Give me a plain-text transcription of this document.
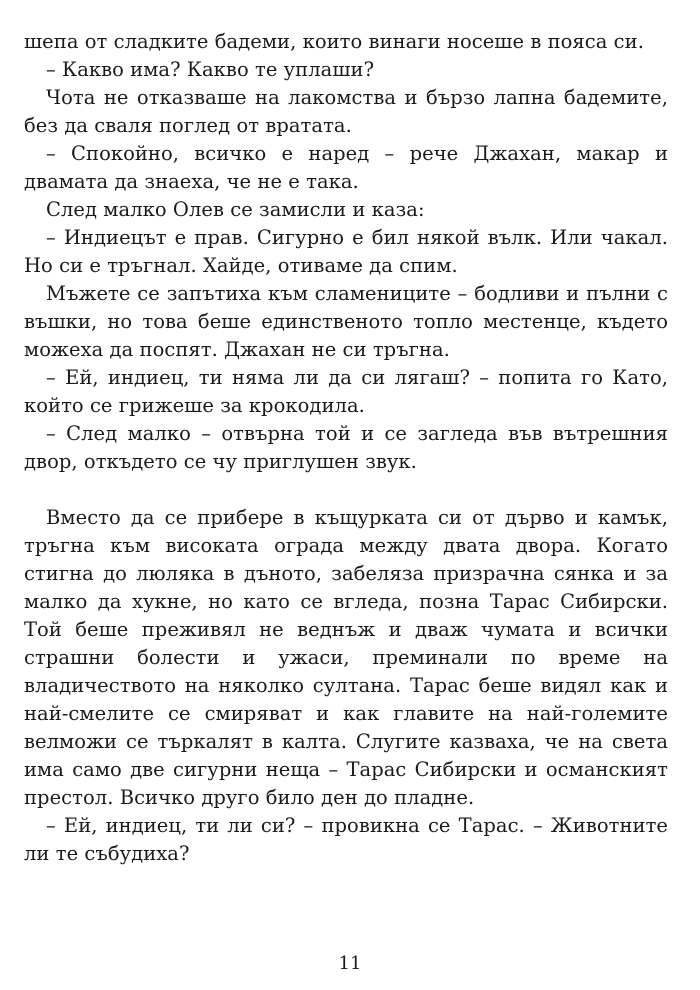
шепа от сладките бадеми, които винаги носеше в пояса си.

– Какво има? Какво те уплаши?

Чота не отказваше на лакомства и бързо лапна бадемите, без да сваля поглед от вратата.

– Спокойно, всичко е наред – рече Джахан, макар и двамата да знаеха, че не е така.

След малко Олев се замисли и каза:

– Индиецът е прав. Сигурно е бил някой вълк. Или чакал. Но си е тръгнал. Хайде, отиваме да спим.

Мъжете се запътиха към сламениците – бодливи и пълни с въшки, но това беше единственото топло местенце, където можеха да поспят. Джахан не си тръгна.

– Ей, индиец, ти няма ли да си лягаш? – попита го Като, който се грижеше за крокодила.

– След малко – отвърна той и се загледа във вътрешния двор, откъдето се чу приглушен звук.

Вместо да се прибере в къщурката си от дърво и камък, тръгна към високата ограда между двата двора. Когато стигна до люляка в дъното, забеляза призрачна сянка и за малко да хукне, но като се вгледа, позна Тарас Сибирски. Той беше преживял не веднъж и дваж чумата и всички страшни болести и ужаси, преминали по време на владичеството на няколко султана. Тарас беше видял как и най-смелите се смиряват и как главите на най-големите велможи се търкалят в калта. Слугите казваха, че на света има само две сигурни неща – Тарас Сибирски и османският престол. Всичко друго било ден до пладне.

– Ей, индиец, ти ли си? – провикна се Тарас. – Животните ли те събудиха?

11
